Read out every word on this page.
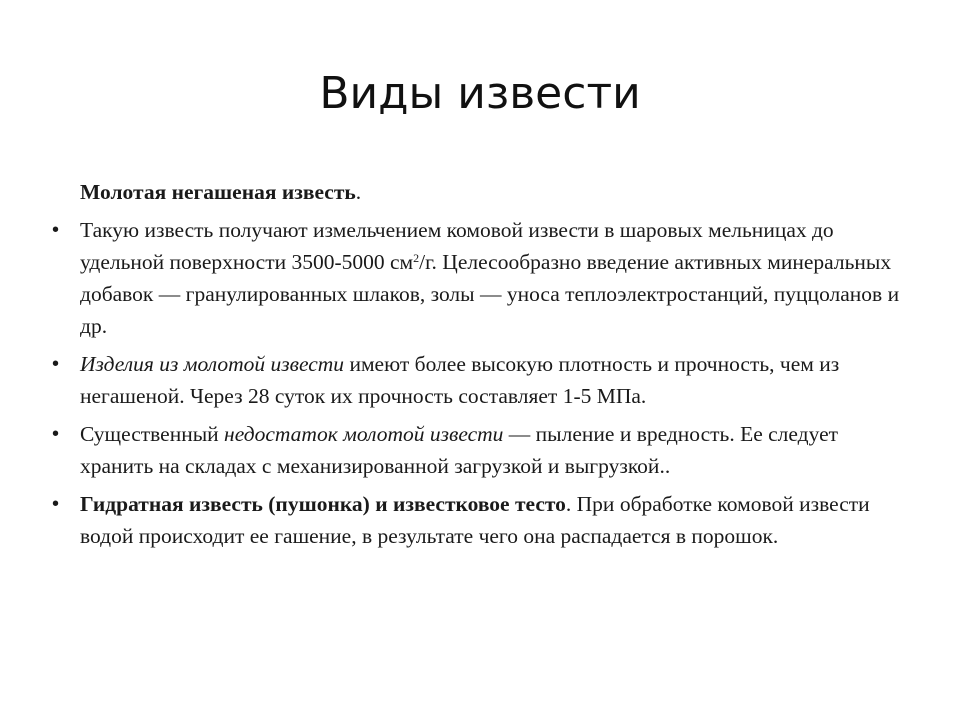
Виды извести

Молотая негашеная известь.

• Такую известь получают измельчением комовой извести в шаровых мельницах до удельной поверхности 3500-5000 $см^2/г$. Целесообразно введение активных минеральных добавок — гранулированных шлаков, золы — уноса теплоэлектростанций, пуццоланов и др.

• Изделия из молотой извести имеют более высокую плотность и прочность, чем из негашеной. Через 28 суток их прочность составляет 1-5 МПа.

• Существенный недостаток молотой извести — пыление и вредность. Ее следует хранить на складах с механизированной загрузкой и выгрузкой..

• Гидратная известь (пушонка) и известковое тесто. При обработке комовой извести водой происходит ее гашение, в результате чего она распадается в порошок.
